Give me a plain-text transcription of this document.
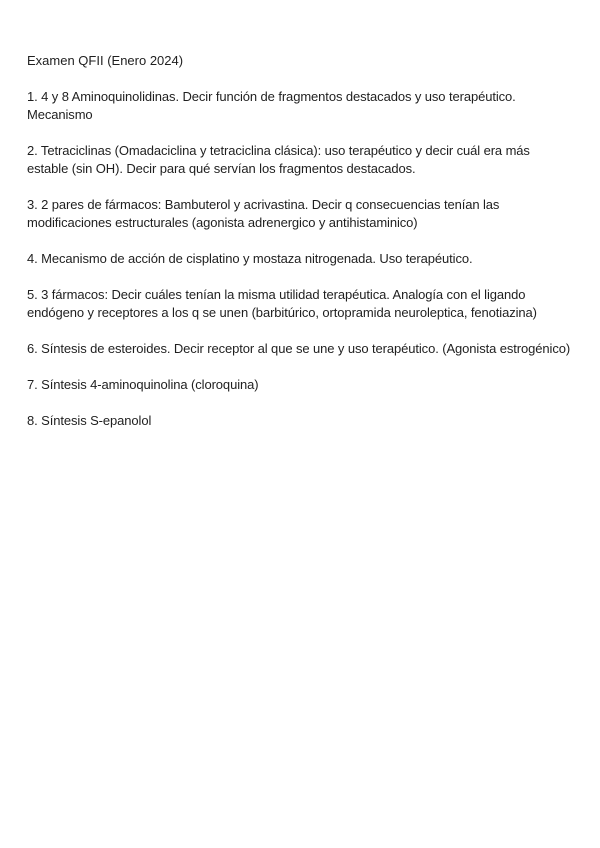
Examen QFII (Enero 2024)
1. 4 y 8 Aminoquinolidinas. Decir función de fragmentos destacados y uso terapéutico. Mecanismo
2. Tetraciclinas (Omadaciclina y tetraciclina clásica): uso terapéutico y decir cuál era más estable (sin OH). Decir para qué servían los fragmentos destacados.
3. 2 pares de fármacos: Bambuterol y acrivastina. Decir q consecuencias tenían las modificaciones estructurales (agonista adrenergico y antihistaminico)
4. Mecanismo de acción de cisplatino y mostaza nitrogenada. Uso terapéutico.
5. 3 fármacos: Decir cuáles tenían la misma utilidad terapéutica. Analogía con el ligando endógeno y receptores a los q se unen (barbitúrico, ortopramida neuroleptica, fenotiazina)
6. Síntesis de esteroides. Decir receptor al que se une y uso terapéutico. (Agonista estrogénico)
7. Síntesis 4-aminoquinolina (cloroquina)
8. Síntesis S-epanolol
